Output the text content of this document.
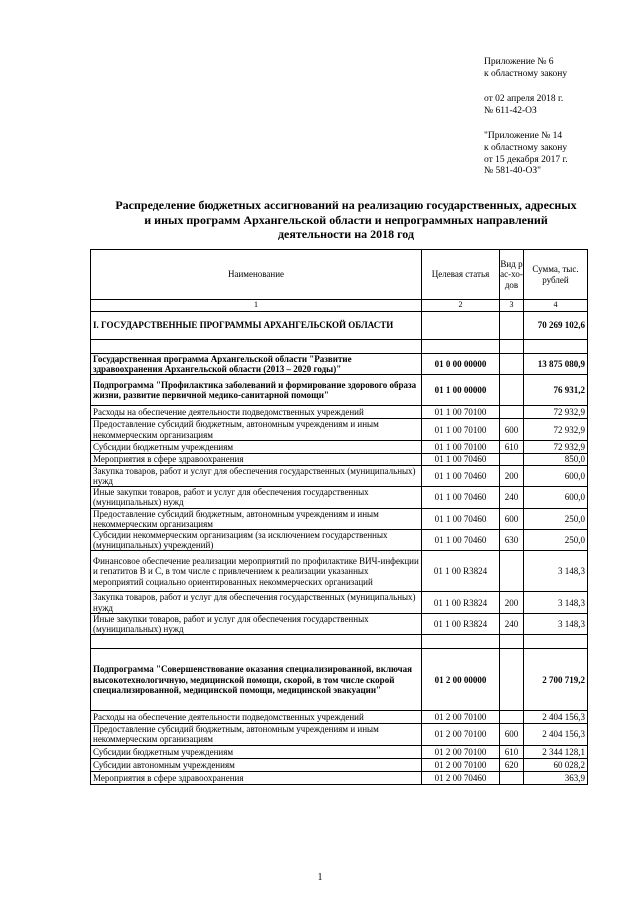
Приложение № 6
к областному закону
от 02 апреля 2018 г.
№ 611-42-ОЗ
"Приложение № 14
к областному закону
от 15 декабря 2017 г.
№ 581-40-ОЗ"
Распределение бюджетных ассигнований на реализацию государственных, адресных
и иных программ Архангельской области и непрограммных направлений
деятельности на 2018 год
Наименование	Целевая статья	Вид рас-хо-дов	Сумма, тыс. рублей
1	2	3	4
I. ГОСУДАРСТВЕННЫЕ ПРОГРАММЫ АРХАНГЕЛЬСКОЙ ОБЛАСТИ			70 269 102,6

Государственная программа Архангельской области "Развитие здравоохранения Архангельской области (2013 – 2020 годы)"	01 0 00 00000		13 875 080,9
Подпрограмма "Профилактика заболеваний и формирование здорового образа жизни, развитие первичной медико-санитарной помощи"	01 1 00 00000		76 931,2
Расходы на обеспечение деятельности подведомственных учреждений	01 1 00 70100		72 932,9
Предоставление субсидий бюджетным, автономным учреждениям и иным некоммерческим организациям	01 1 00 70100	600	72 932,9
Субсидии бюджетным учреждениям	01 1 00 70100	610	72 932,9
Мероприятия в сфере здравоохранения	01 1 00 70460		850,0
Закупка товаров, работ и услуг для обеспечения государственных (муниципальных) нужд	01 1 00 70460	200	600,0
Иные закупки товаров, работ и услуг для обеспечения государственных (муниципальных) нужд	01 1 00 70460	240	600,0
Предоставление субсидий бюджетным, автономным учреждениям и иным некоммерческим организациям	01 1 00 70460	600	250,0
Субсидии некоммерческим организациям (за исключением государственных (муниципальных) учреждений)	01 1 00 70460	630	250,0
Финансовое обеспечение реализации мероприятий по профилактике ВИЧ-инфекции и гепатитов B и C, в том числе с привлечением к реализации указанных мероприятий социально ориентированных некоммерческих организаций	01 1 00 R3824		3 148,3
Закупка товаров, работ и услуг для обеспечения государственных (муниципальных) нужд	01 1 00 R3824	200	3 148,3
Иные закупки товаров, работ и услуг для обеспечения государственных (муниципальных) нужд	01 1 00 R3824	240	3 148,3

Подпрограмма "Совершенствование оказания специализированной, включая высокотехнологичную, медицинской помощи, скорой, в том числе скорой специализированной, медицинской помощи, медицинской эвакуации"	01 2 00 00000		2 700 719,2
Расходы на обеспечение деятельности подведомственных учреждений	01 2 00 70100		2 404 156,3
Предоставление субсидий бюджетным, автономным учреждениям и иным некоммерческим организациям	01 2 00 70100	600	2 404 156,3
Субсидии бюджетным учреждениям	01 2 00 70100	610	2 344 128,1
Субсидии автономным учреждениям	01 2 00 70100	620	60 028,2
Мероприятия в сфере здравоохранения	01 2 00 70460		363,9
1
